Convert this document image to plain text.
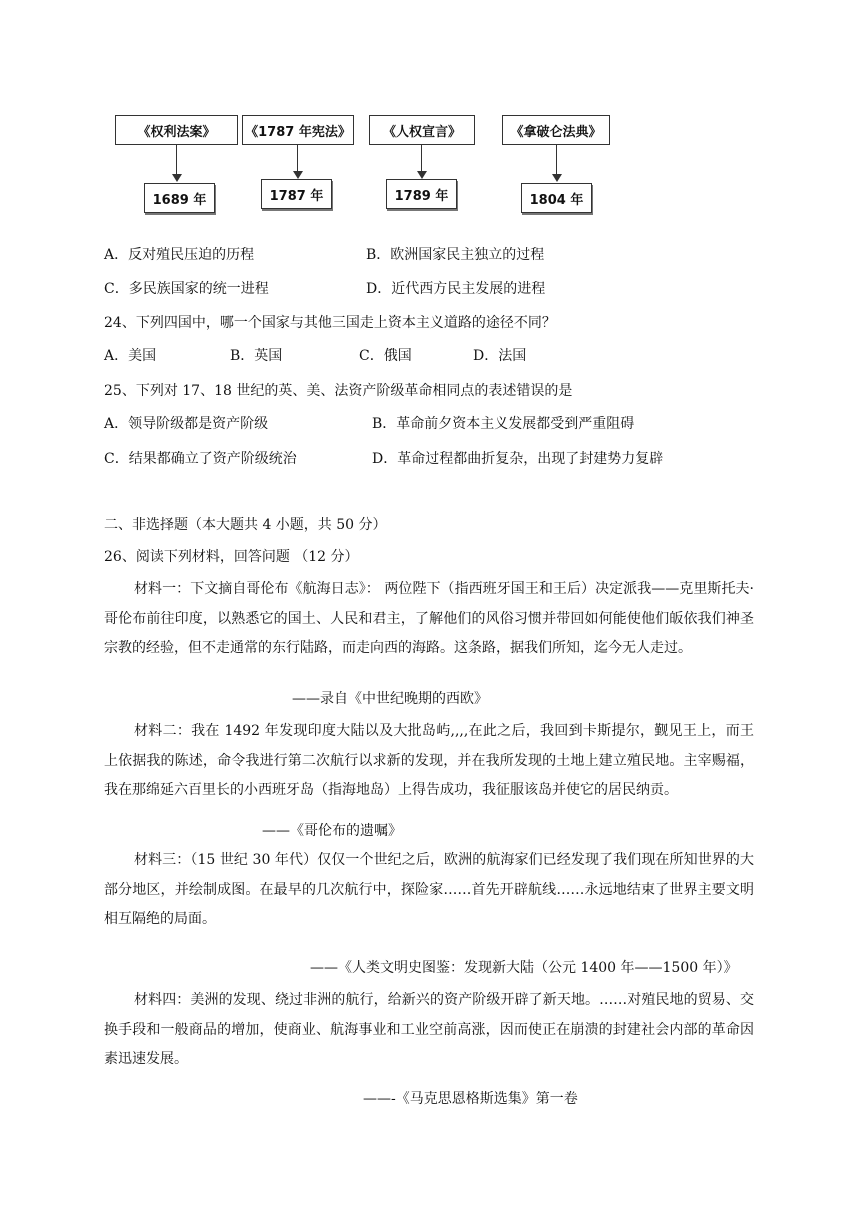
《权利法案》	《1787 年宪法》	《人权宣言》	《拿破仑法典》
1689 年	1787 年	1789 年	1804 年
A．反对殖民压迫的历程	B．欧洲国家民主独立的过程
C．多民族国家的统一进程	D．近代西方民主发展的进程
24、下列四国中，哪一个国家与其他三国走上资本主义道路的途径不同？
A．美国	B．英国	C．俄国	D．法国
25、下列对 17、18 世纪的英、美、法资产阶级革命相同点的表述错误的是
A．领导阶级都是资产阶级	B．革命前夕资本主义发展都受到严重阻碍
C．结果都确立了资产阶级统治	D．革命过程都曲折复杂，出现了封建势力复辟
二、非选择题（本大题共 4 小题，共 50 分）
26、阅读下列材料，回答问题 （12 分）
材料一：下文摘自哥伦布《航海日志》： 两位陛下（指西班牙国王和王后）决定派我——克里斯托夫·哥伦布前往印度，以熟悉它的国土、人民和君主，了解他们的风俗习惯并带回如何能使他们皈依我们神圣宗教的经验，但不走通常的东行陆路，而走向西的海路。这条路，据我们所知，迄今无人走过。
——录自《中世纪晚期的西欧》
材料二：我在 1492 年发现印度大陆以及大批岛屿,,,,在此之后，我回到卡斯提尔，觐见王上，而王上依据我的陈述，命令我进行第二次航行以求新的发现，并在我所发现的土地上建立殖民地。主宰赐福，我在那绵延六百里长的小西班牙岛（指海地岛）上得告成功，我征服该岛并使它的居民纳贡。
——《哥伦布的遗嘱》
材料三：（15 世纪 30 年代）仅仅一个世纪之后，欧洲的航海家们已经发现了我们现在所知世界的大部分地区，并绘制成图。在最早的几次航行中，探险家……首先开辟航线……永远地结束了世界主要文明相互隔绝的局面。
——《人类文明史图鉴：发现新大陆（公元 1400 年——1500 年）》
材料四：美洲的发现、绕过非洲的航行，给新兴的资产阶级开辟了新天地。……对殖民地的贸易、交换手段和一般商品的增加，使商业、航海事业和工业空前高涨，因而使正在崩溃的封建社会内部的革命因素迅速发展。
——-《马克思恩格斯选集》第一卷
